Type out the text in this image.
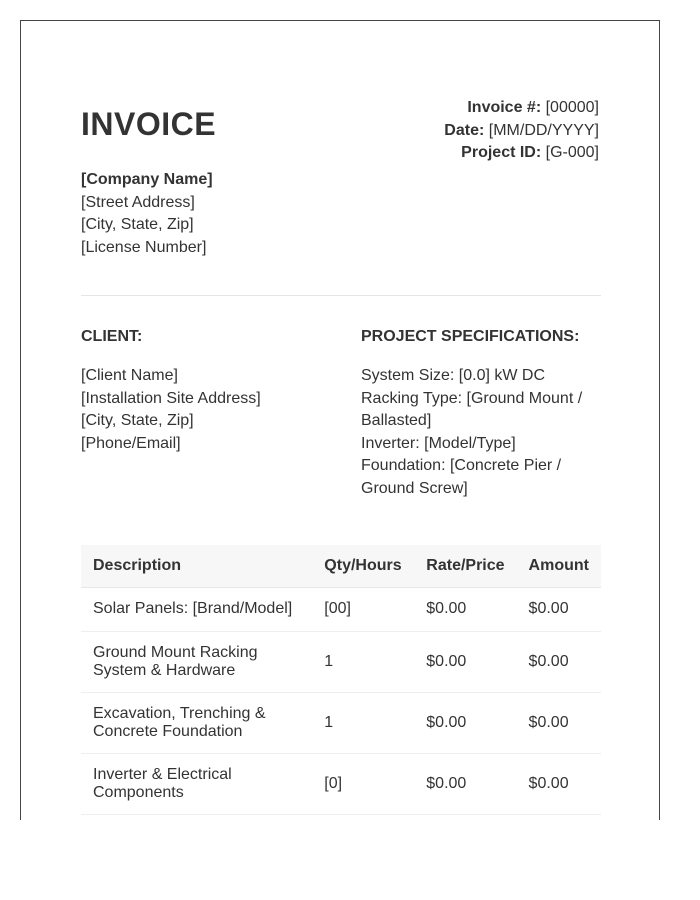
INVOICE	Invoice #: [00000]
Date: [MM/DD/YYYY]
Project ID: [G-000]
[Company Name]
[Street Address]
[City, State, Zip]
[License Number]
CLIENT:	PROJECT SPECIFICATIONS:
[Client Name]
[Installation Site Address]
[City, State, Zip]
[Phone/Email]
System Size: [0.0] kW DC
Racking Type: [Ground Mount / Ballasted]
Inverter: [Model/Type]
Foundation: [Concrete Pier / Ground Screw]
Description	Qty/Hours	Rate/Price	Amount
Solar Panels: [Brand/Model]	[00]	$0.00	$0.00
Ground Mount Racking System & Hardware	1	$0.00	$0.00
Excavation, Trenching & Concrete Foundation	1	$0.00	$0.00
Inverter & Electrical Components	[0]	$0.00	$0.00
